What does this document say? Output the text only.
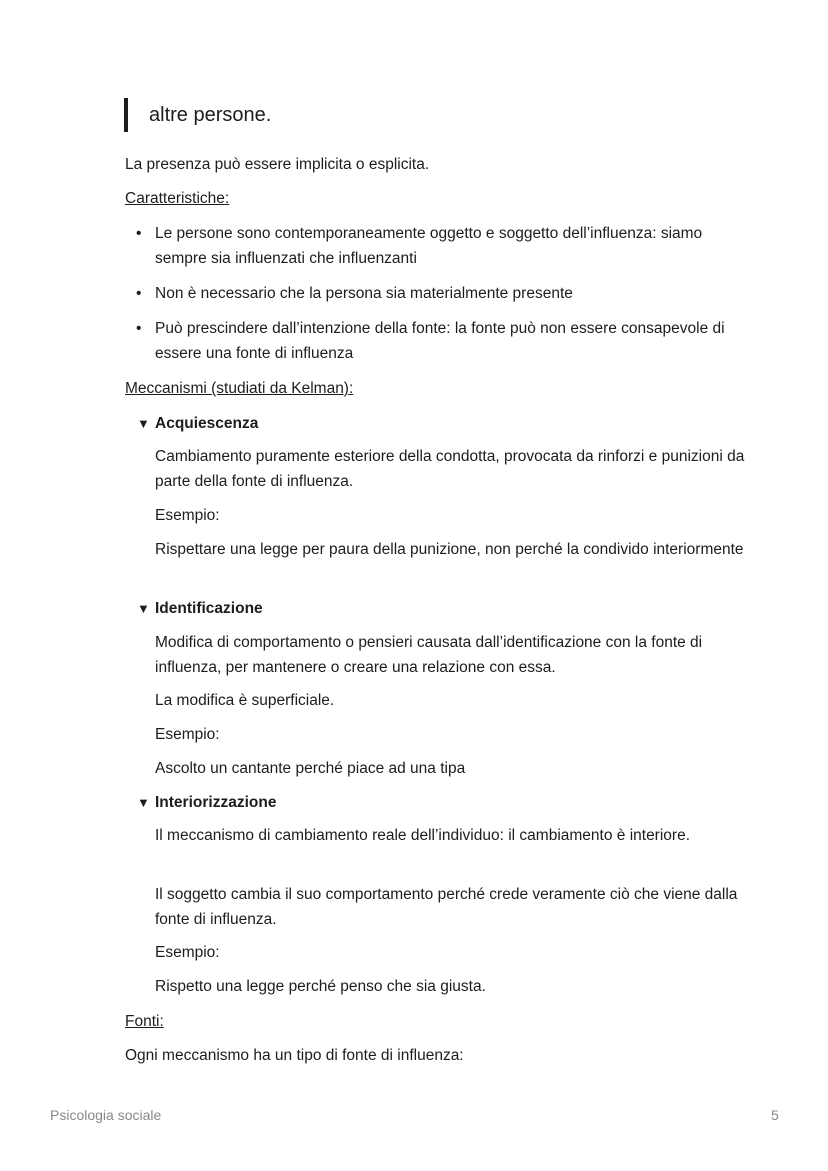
altre persone.
La presenza può essere implicita o esplicita.
Caratteristiche:
• Le persone sono contemporaneamente oggetto e soggetto dell’influenza: siamo sempre sia influenzati che influenzanti
• Non è necessario che la persona sia materialmente presente
• Può prescindere dall’intenzione della fonte: la fonte può non essere consapevole di essere una fonte di influenza
Meccanismi (studiati da Kelman):
▼ Acquiescenza
Cambiamento puramente esteriore della condotta, provocata da rinforzi e punizioni da parte della fonte di influenza.
Esempio:
Rispettare una legge per paura della punizione, non perché la condivido interiormente
▼ Identificazione
Modifica di comportamento o pensieri causata dall’identificazione con la fonte di influenza, per mantenere o creare una relazione con essa.
La modifica è superficiale.
Esempio:
Ascolto un cantante perché piace ad una tipa
▼ Interiorizzazione
Il meccanismo di cambiamento reale dell’individuo: il cambiamento è interiore.
Il soggetto cambia il suo comportamento perché crede veramente ciò che viene dalla fonte di influenza.
Esempio:
Rispetto una legge perché penso che sia giusta.
Fonti:
Ogni meccanismo ha un tipo di fonte di influenza:
Psicologia sociale	5
